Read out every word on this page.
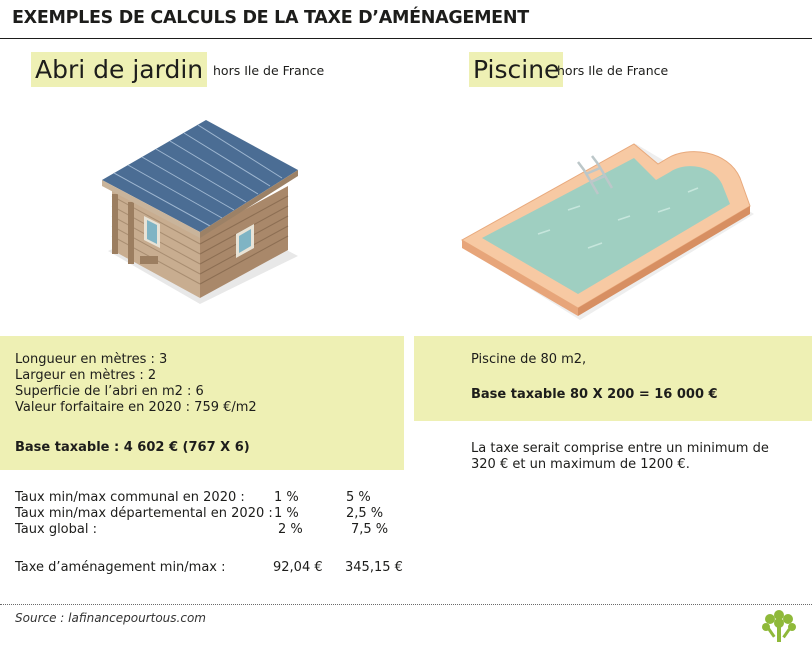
EXEMPLES DE CALCULS DE LA TAXE D’AMÉNAGEMENT
Abri de jardin hors Ile de France	Piscine
hors Ile de France
Longueur en mètres : 3
Largeur en mètres : 2
Superficie de l’abri en m2 : 6
Valeur forfaitaire en 2020 : 759 €/m2
Base taxable : 4 602 € (767 X 6)
Piscine de 80 m2,
Base taxable 80 X 200 = 16 000 €
La taxe serait comprise entre un minimum de
320 € et un maximum de 1200 €.
Taux min/max communal en 2020 : 1 %	5 %
Taux min/max départemental en 2020 : 1 %	2,5 %
Taux global :	2 %	7,5 %
Taxe d’aménagement min/max :	92,04 € 345,15 €
Source : lafinancepourtous.com
